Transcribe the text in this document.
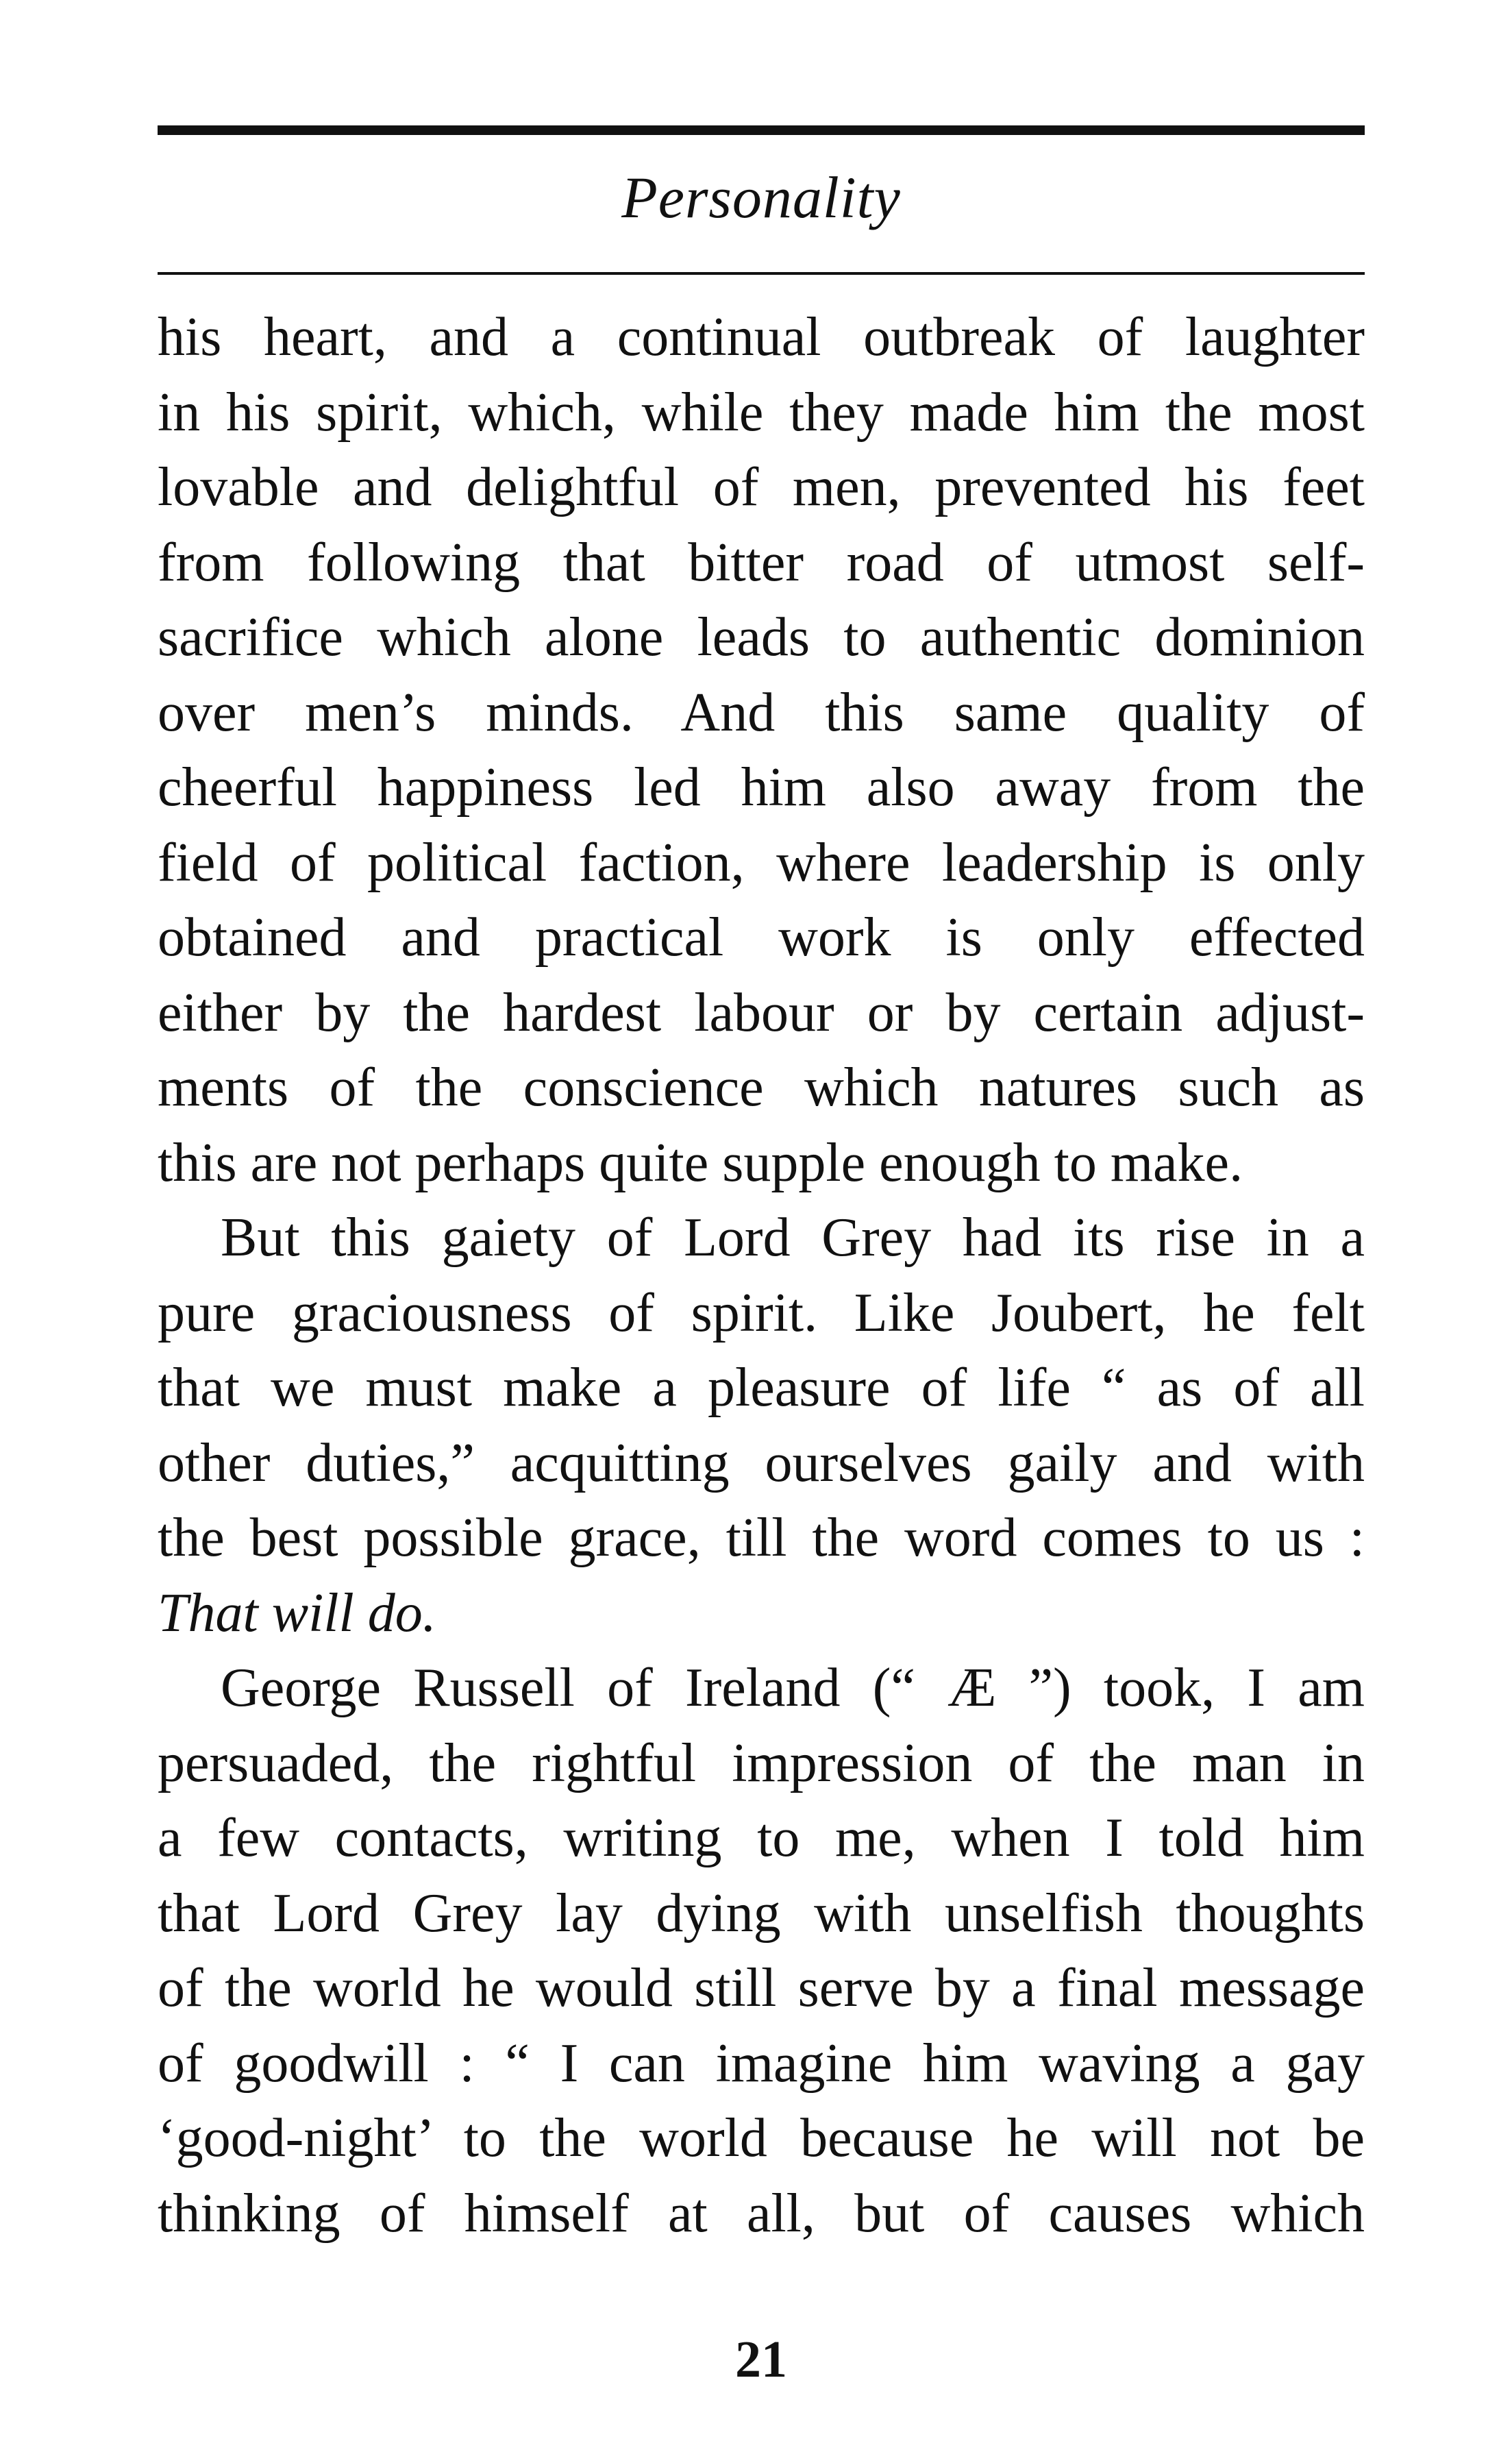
Personality
his heart, and a continual outbreak of laughter
in his spirit, which, while they made him the most
lovable and delightful of men, prevented his feet
from following that bitter road of utmost self-
sacrifice which alone leads to authentic dominion
over men’s minds. And this same quality of
cheerful happiness led him also away from the
field of political faction, where leadership is only
obtained and practical work is only effected
either by the hardest labour or by certain adjust-
ments of the conscience which natures such as
this are not perhaps quite supple enough to make.
But this gaiety of Lord Grey had its rise in a
pure graciousness of spirit. Like Joubert, he felt
that we must make a pleasure of life “ as of all
other duties,” acquitting ourselves gaily and with
the best possible grace, till the word comes to us :
That will do.
George Russell of Ireland (“ Æ ”) took, I am
persuaded, the rightful impression of the man in
a few contacts, writing to me, when I told him
that Lord Grey lay dying with unselfish thoughts
of the world he would still serve by a final message
of goodwill : “ I can imagine him waving a gay
‘good-night’ to the world because he will not be
thinking of himself at all, but of causes which
21
